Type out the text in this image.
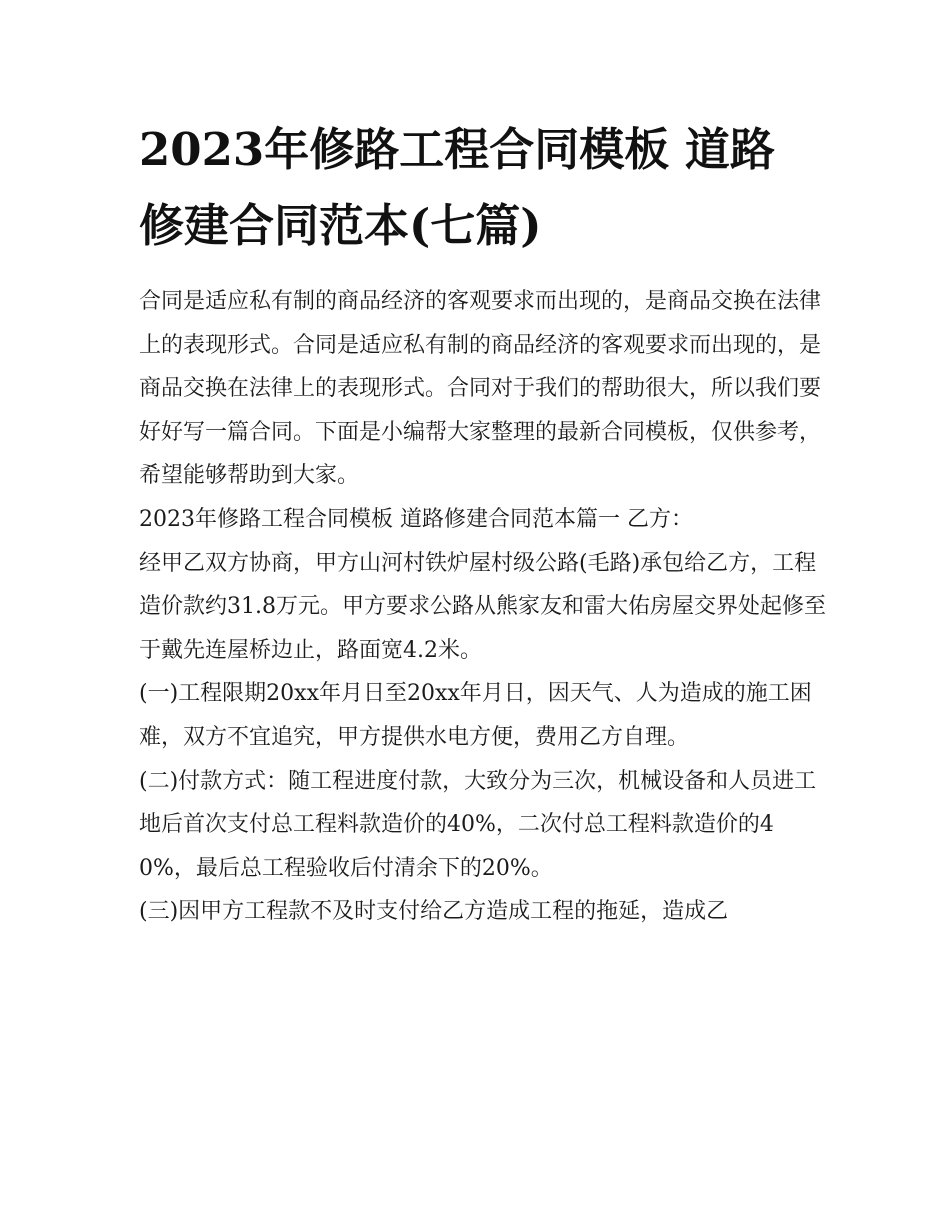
2023年修路工程合同模板 道路修建合同范本(七篇)

合同是适应私有制的商品经济的客观要求而出现的，是商品交换在法律上的表现形式。合同是适应私有制的商品经济的客观要求而出现的，是商品交换在法律上的表现形式。合同对于我们的帮助很大，所以我们要好好写一篇合同。下面是小编帮大家整理的最新合同模板，仅供参考，希望能够帮助到大家。

2023年修路工程合同模板 道路修建合同范本篇一 乙方：

经甲乙双方协商，甲方山河村铁炉屋村级公路(毛路)承包给乙方，工程造价款约31.8万元。甲方要求公路从熊家友和雷大佑房屋交界处起修至于戴先连屋桥边止，路面宽4.2米。

(一)工程限期20xx年月日至20xx年月日，因天气、人为造成的施工困难，双方不宜追究，甲方提供水电方便，费用乙方自理。

(二)付款方式：随工程进度付款，大致分为三次，机械设备和人员进工地后首次支付总工程料款造价的40%，二次付总工程料款造价的40%，最后总工程验收后付清余下的20%。

(三)因甲方工程款不及时支付给乙方造成工程的拖延，造成乙
